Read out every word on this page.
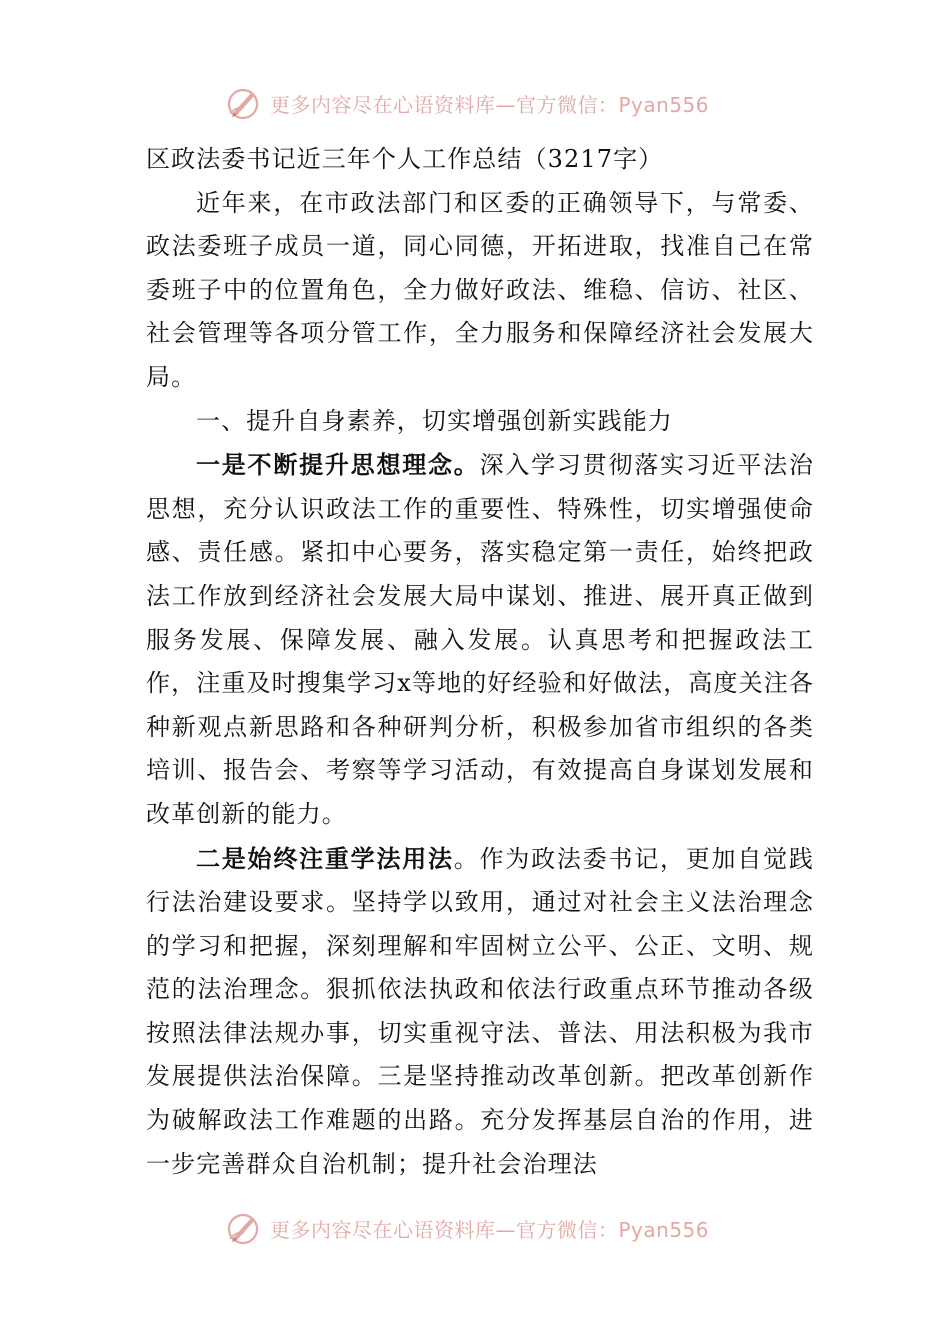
更多内容尽在心语资料库—官方微信：Pyan556

区政法委书记近三年个人工作总结（3217字）

近年来，在市政法部门和区委的正确领导下，与常委、政法委班子成员一道，同心同德，开拓进取，找准自己在常委班子中的位置角色，全力做好政法、维稳、信访、社区、社会管理等各项分管工作，全力服务和保障经济社会发展大局。

一、提升自身素养，切实增强创新实践能力

一是不断提升思想理念。深入学习贯彻落实习近平法治思想，充分认识政法工作的重要性、特殊性，切实增强使命感、责任感。紧扣中心要务，落实稳定第一责任，始终把政法工作放到经济社会发展大局中谋划、推进、展开真正做到服务发展、保障发展、融入发展。认真思考和把握政法工作，注重及时搜集学习x等地的好经验和好做法，高度关注各种新观点新思路和各种研判分析，积极参加省市组织的各类培训、报告会、考察等学习活动，有效提高自身谋划发展和改革创新的能力。

二是始终注重学法用法。作为政法委书记，更加自觉践行法治建设要求。坚持学以致用，通过对社会主义法治理念的学习和把握，深刻理解和牢固树立公平、公正、文明、规范的法治理念。狠抓依法执政和依法行政重点环节推动各级按照法律法规办事，切实重视守法、普法、用法积极为我市发展提供法治保障。三是坚持推动改革创新。把改革创新作为破解政法工作难题的出路。充分发挥基层自治的作用，进一步完善群众自治机制；提升社会治理法

更多内容尽在心语资料库—官方微信：Pyan556
